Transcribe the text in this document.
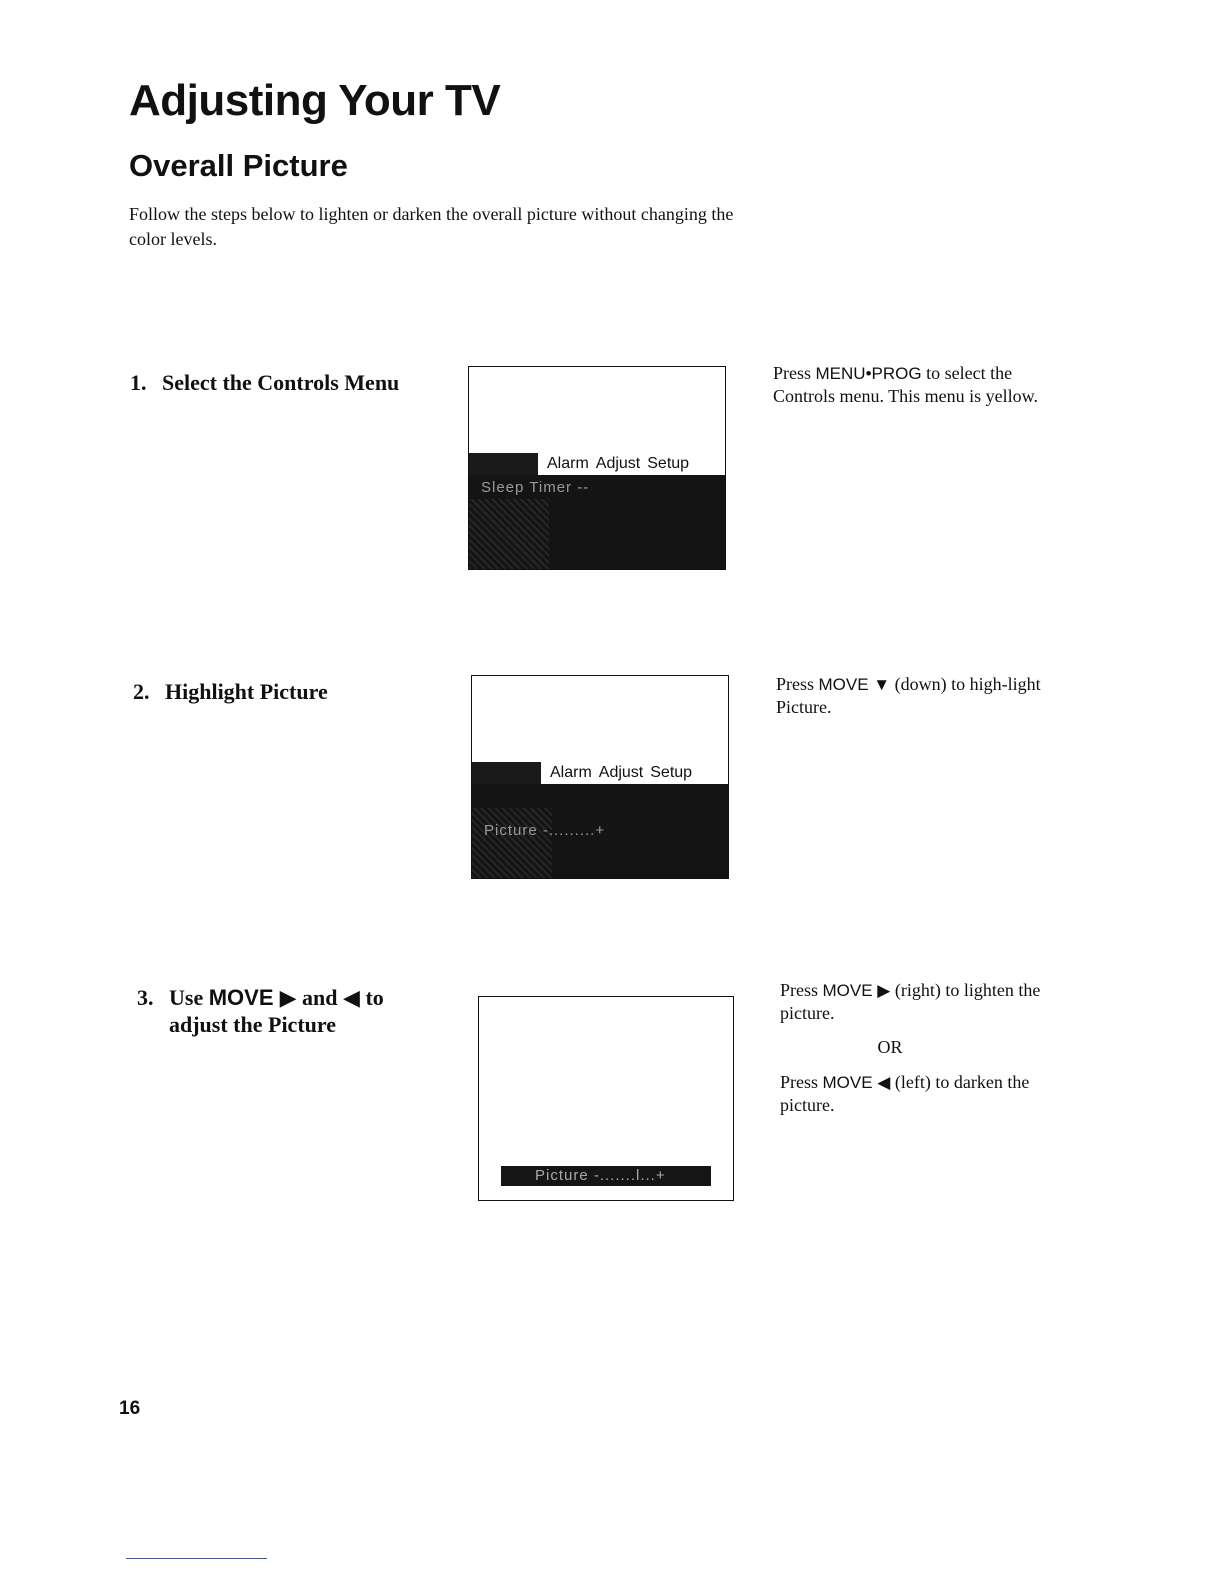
Adjusting Your TV
Overall Picture

Follow the steps below to lighten or darken the overall picture without changing the color levels.

1. Select the Controls Menu
Alarm Adjust Setup
Sleep Timer --
Press MENU•PROG to select the Controls menu. This menu is yellow.
2. Highlight Picture
Alarm Adjust Setup
Picture -.........+
Press MOVE ▼ (down) to high-light Picture.
3. Use MOVE ▶ and ◀ to
adjust the Picture
Picture -.......l...+

Press MOVE ▶ (right) to lighten the picture.

OR

Press MOVE ◀ (left) to darken the picture.

16
